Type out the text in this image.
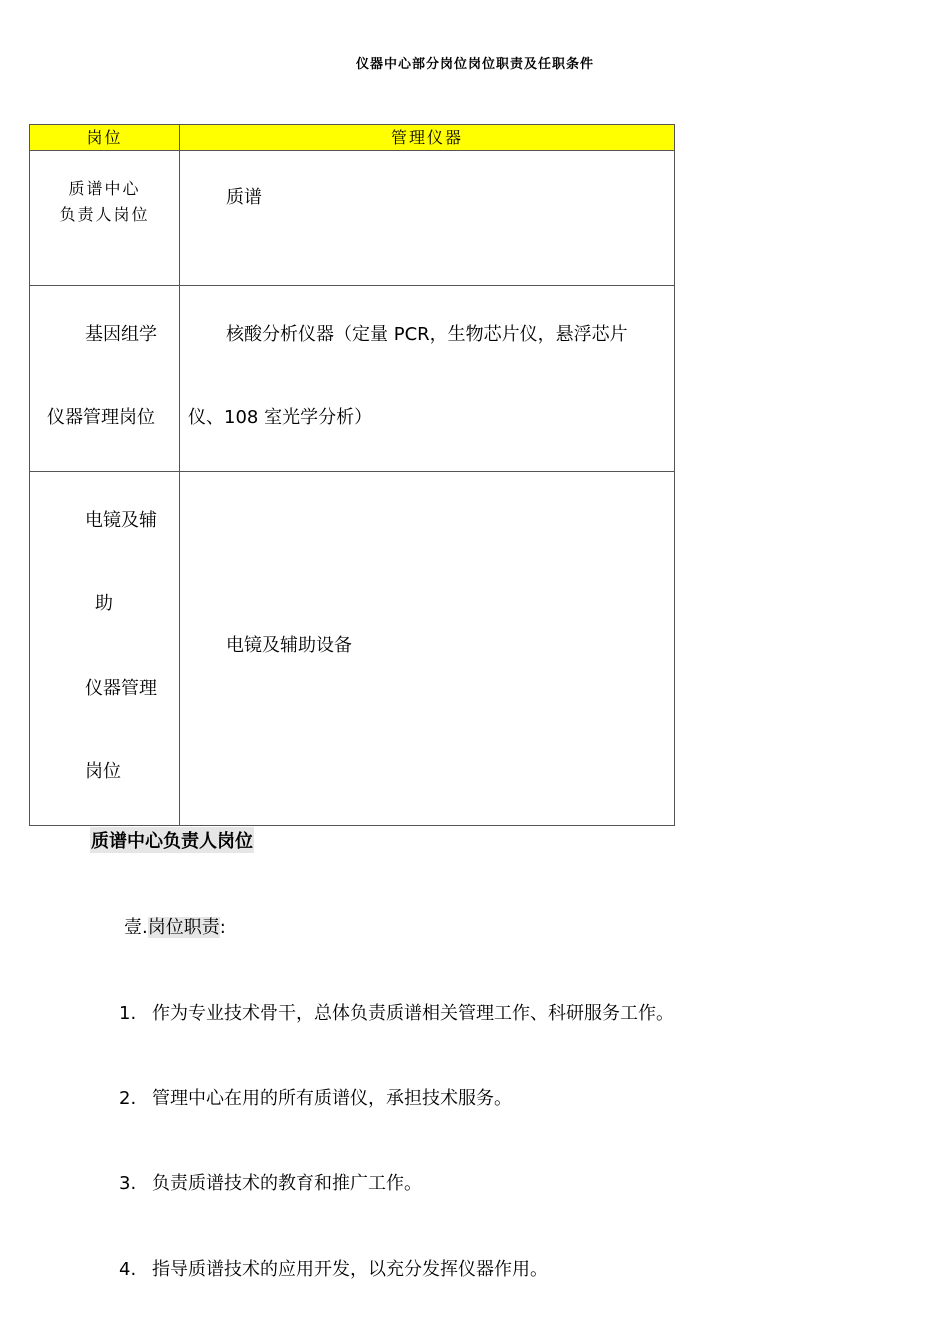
仪器中心部分岗位岗位职责及任职条件
岗位	管理仪器

质谱中心
负责人岗位	质谱

基因组学
仪器管理岗位	核酸分析仪器（定量 PCR，生物芯片仪，悬浮芯片
仪、108 室光学分析）

电镜及辅
助
仪器管理
岗位	电镜及辅助设备
质谱中心负责人岗位
壹.岗位职责:
1. 作为专业技术骨干，总体负责质谱相关管理工作、科研服务工作。
2. 管理中心在用的所有质谱仪，承担技术服务。
3. 负责质谱技术的教育和推广工作。
4. 指导质谱技术的应用开发，以充分发挥仪器作用。
